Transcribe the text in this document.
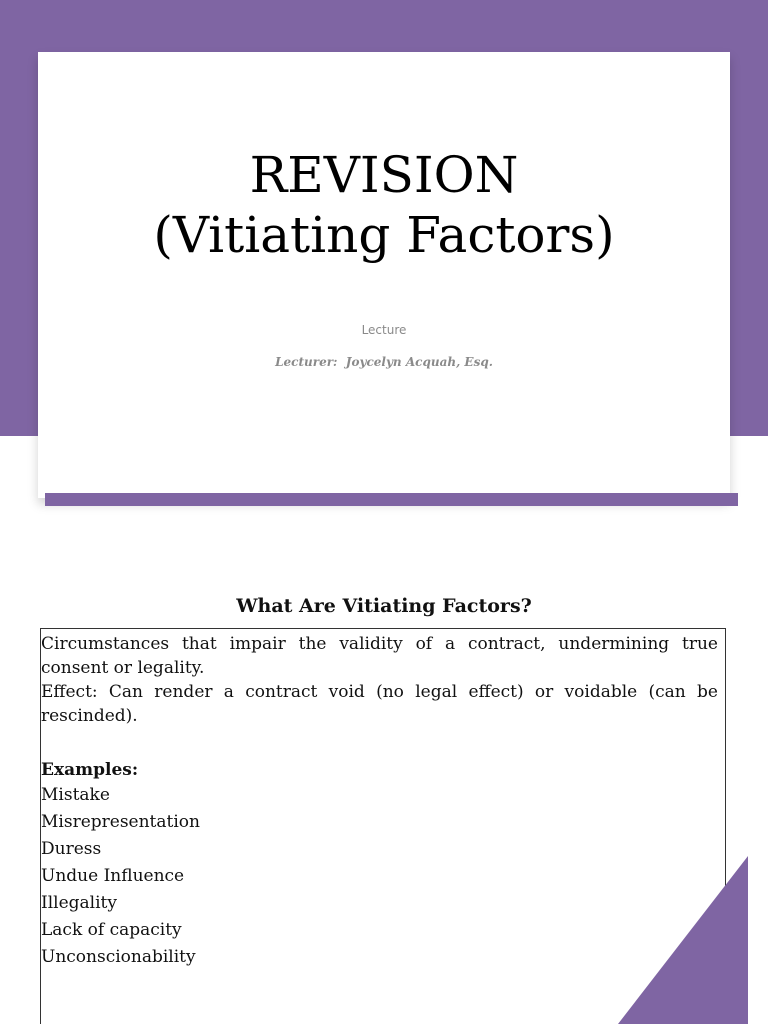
REVISION
(Vitiating Factors)
Lecture
Lecturer:  Joycelyn Acquah, Esq.
What Are Vitiating Factors?

Circumstances that impair the validity of a contract, undermining true consent or legality.

Effect: Can render a contract void (no legal effect) or voidable (can be rescinded).

Examples:

Mistake
Misrepresentation
Duress
Undue Influence
Illegality
Lack of capacity
Unconscionability
